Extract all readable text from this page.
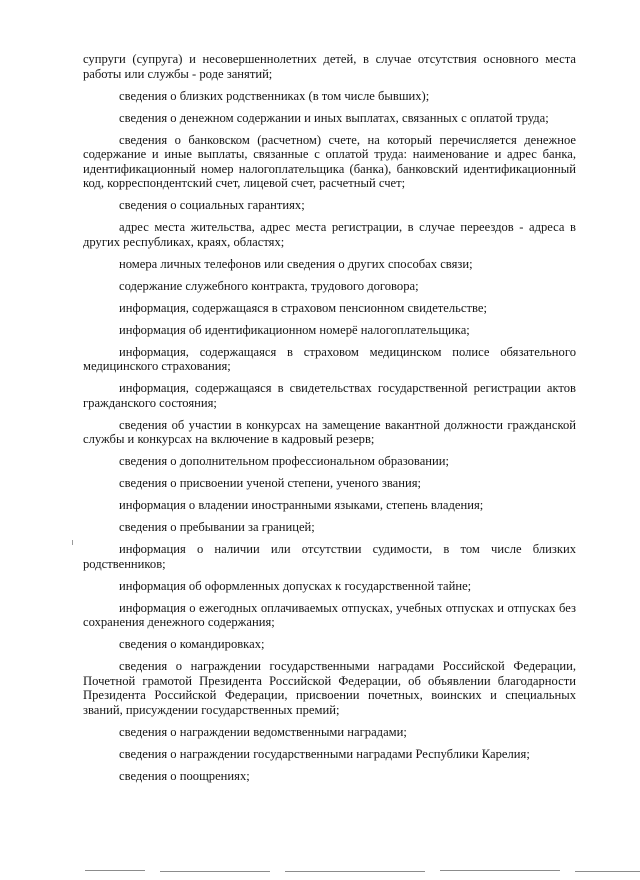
супруги (супруга) и несовершеннолетних детей, в случае отсутствия основного места работы или службы - роде занятий;

сведения о близких родственниках (в том числе бывших);

сведения о денежном содержании и иных выплатах, связанных с оплатой труда;

сведения о банковском (расчетном) счете, на который перечисляется денежное содержание и иные выплаты, связанные с оплатой труда: наименование и адрес банка, идентификационный номер налогоплательщика (банка), банковский идентификационный код, корреспондентский счет, лицевой счет, расчетный счет;

сведения о социальных гарантиях;

адрес места жительства, адрес места регистрации, в случае переездов - адреса в других республиках, краях, областях;

номера личных телефонов или сведения о других способах связи;

содержание служебного контракта, трудового договора;

информация, содержащаяся в страховом пенсионном свидетельстве;

информация об идентификационном номерё налогоплательщика;

информация, содержащаяся в страховом медицинском полисе обязательного медицинского страхования;

информация, содержащаяся в свидетельствах государственной регистрации актов гражданского состояния;

сведения об участии в конкурсах на замещение вакантной должности гражданской службы и конкурсах на включение в кадровый резерв;

сведения о дополнительном профессиональном образовании;

сведения о присвоении ученой степени, ученого звания;

информация о владении иностранными языками, степень владения;

сведения о пребывании за границей;

информация о наличии или отсутствии судимости, в том числе близких родственников;

информация об оформленных допусках к государственной тайне;

информация о ежегодных оплачиваемых отпусках, учебных отпусках и отпусках без сохранения денежного содержания;

сведения о командировках;

сведения о награждении государственными наградами Российской Федерации, Почетной грамотой Президента Российской Федерации, об объявлении благодарности Президента Российской Федерации, присвоении почетных, воинских и специальных званий, присуждении государственных премий;

сведения о награждении ведомственными наградами;

сведения о награждении государственными наградами Республики Карелия;

сведения о поощрениях;
